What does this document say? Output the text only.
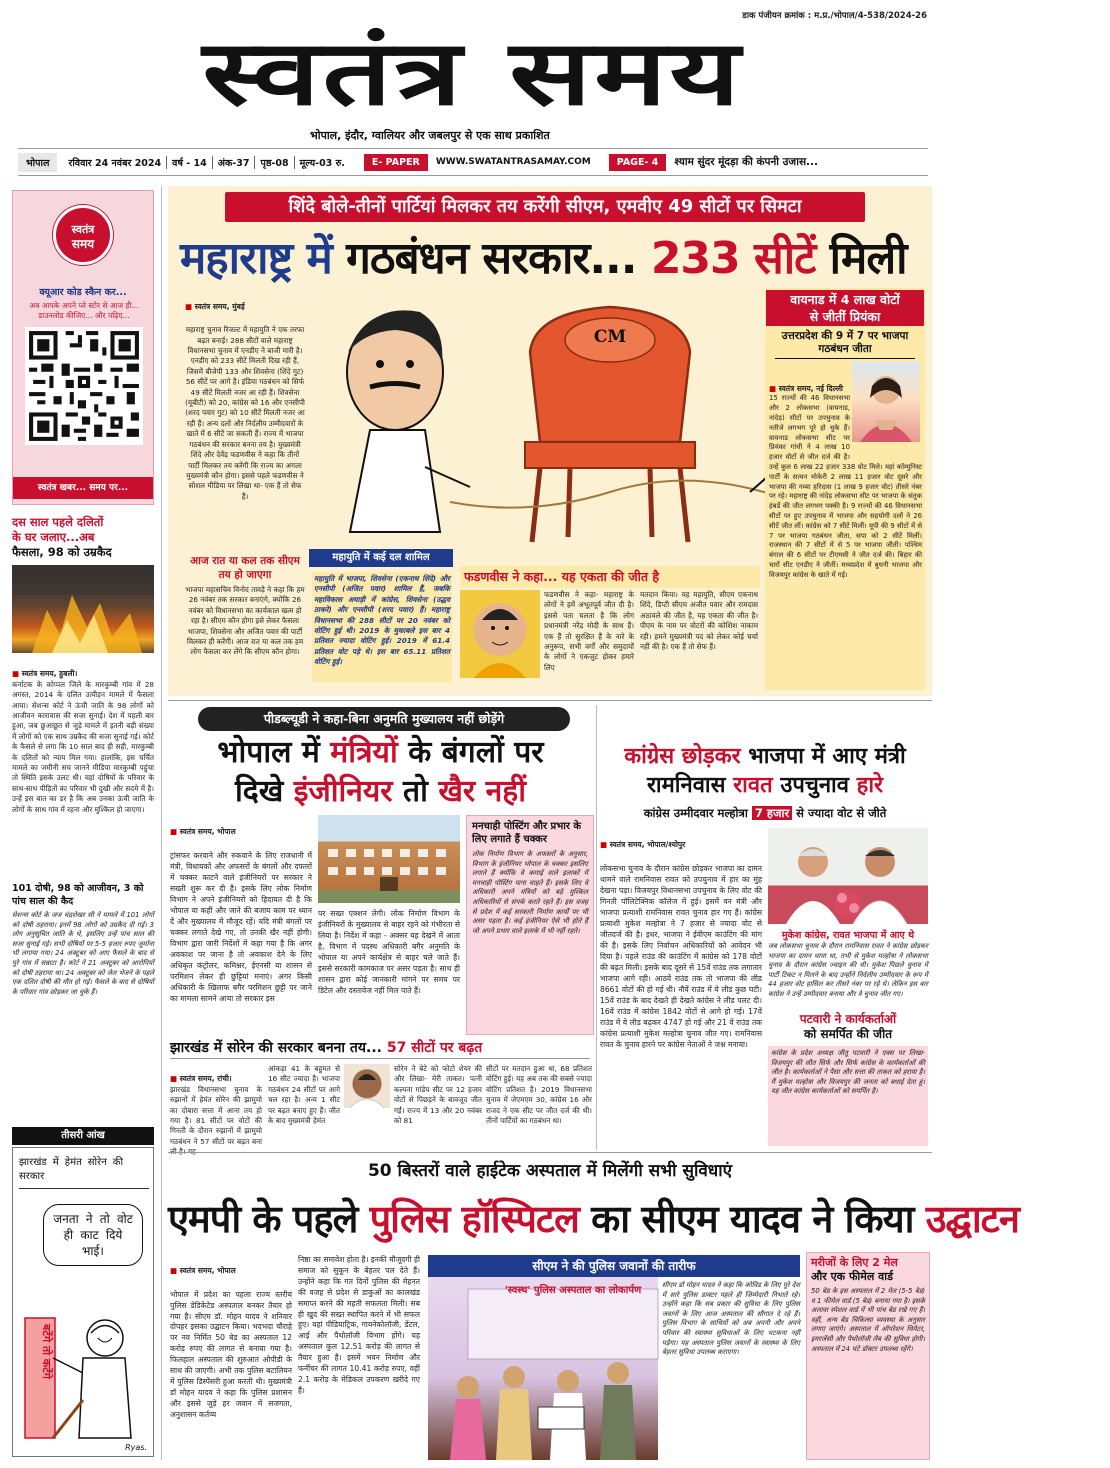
डाक पंजीयन क्रमांक : म.प्र./भोपाल/4-538/2024-26
स्वतंत्र समय
भोपाल, इंदौर, ग्वालियर और जबलपुर से एक साथ प्रकाशित
भोपाल	रविवार 24 नवंबर 2024	वर्ष - 14	अंक-37	पृष्ठ-08	मूल्य-03 रु.	E- PAPER	WWW.SWATANTRASAMAY.COM	PAGE- 4	श्याम सुंदर मूंदड़ा की कंपनी उजास...
स्वतंत्र
समय
क्यूआर कोड स्कैन कर...
अब आपके अपने प्ले स्टोर से आज ही...
डाउनलोड कीजिए... और पढ़िए...
स्वतंत्र खबर... समय पर...
दस साल पहले दलितों
के घर जलाए...अब
फैसला, 98 को उम्रकैद

■ स्वतंत्र समय, हुबली।
कर्नाटक के कोप्पल जिले के मारकुम्बी गांव में 28 अगस्त, 2014 के दलित उत्पीड़न मामले में फैसला आया। सेशन्स कोर्ट ने ऊंची जाति के 98 लोगों को आजीवन कारावास की सजा सुनाई। देश में पहली बार हुआ, जब छुआछूत से जुड़े मामले में इतनी बड़ी संख्या में लोगों को एक साथ उम्रकैद की सजा सुनाई गई। कोर्ट के फैसले से लगा कि 10 साल बाद ही सही, मारकुम्बी के दलितों को न्याय मिल गया। हालांकि, इस चर्चित मामले का जमीनी सच जानने मीडिया मारकुम्बी पहुंचा तो स्थिति इसके उलट थी। यहां दोषियों के परिवार के साथ-साथ पीड़ितों का परिवार भी दुखी और सदमे में है। उन्हें इस बात का डर है कि अब उनका ऊंची जाति के लोगों के साथ गांव में रहना और मुश्किल हो जाएगा।

101 दोषी, 98 को आजीवन, 3 को पांच साल की कैद
सेशन्स कोर्ट के जज चंद्रशेखर सी ने मामले में 101 लोगों को दोषी ठहराया। इनमें 98 लोगों को उम्रकैद दी गई। 3 लोग अनुसूचित जाति के थे, इसलिए उन्हें पांच साल की सजा सुनाई गई। सभी दोषियों पर 5-5 हजार रुपए जुर्माना भी लगाया गया। 24 अक्टूबर को आए फैसले के बाद से पूरे गांव में सन्नाटा है। कोर्ट ने 21 अक्टूबर को आरोपियों को दोषी ठहराया था। 24 अक्टूबर को जेल भेजने के पहले एक दलित दोषी की मौत हो गई। फैसले के बाद से दोषियों के परिवार गांव छोड़कर जा चुके हैं।
तीसरी आंख
झारखंड में हेमंत सोरेन की सरकार
जनता ने तो वोट ही काट दिये भाई।
बटेंगे तो कटेंगे
Ryas.
शिंदे बोले-तीनों पार्टियां मिलकर तय करेंगी सीएम, एमवीए 49 सीटों पर सिमटा
महाराष्ट्र में गठबंधन सरकार... 233 सीटें मिली

■ स्वतंत्र समय, मुंबई

महाराष्ट्र चुनाव रिजल्ट में महायुति ने एक तरफा बढ़त बनाई। 288 सीटों वाले महाराष्ट्र विधानसभा चुनाव में एनडीए ने बाजी मारी है। एनडीए को 233 सीटें मिलती दिख रही हैं, जिसमें बीजेपी 133 और शिवसेना (शिंदे गुट) 56 सीटें पर आगे है। इंडिया गठबंधन को सिर्फ 49 सीटें मिलती नजर आ रही हैं। शिवसेना (यूबीटी) को 20, कांग्रेस को 16 और एनसीपी (शरद पवार गुट) को 10 सीटें मिलती नजर आ रही हैं। अन्य दलों और निर्दलीय उम्मीदवारों के खाते में 6 सीटें जा सकती हैं। राज्य में भाजपा गठबंधन की सरकार बनना तय है। मुख्यमंत्री शिंदे और देवेंद्र फडणवीस ने कहा कि तीनों पार्टी मिलकर तय करेंगी कि राज्य का अगला मुख्यमंत्री कौन होगा। इससे पहले फडणवीस ने सोशल मीडिया पर लिखा था- एक हैं तो सेफ हैं।

आज रात या कल तक सीएम तय हो जाएगा
भाजपा महासचिव विनोद तावड़े ने कहा कि हम 26 नवंबर तक सरकार बनाएंगे, क्योंकि 26 नवंबर को विधानसभा का कार्यकाल खत्म हो रहा है। सीएम कौन होगा इसे लेकर फैसला भाजपा, शिवसेना और अजित पवार की पार्टी मिलकर ही करेंगी। आज रात या कल तक हम लोग फैसला कर लेंगे कि सीएम कौन होगा।
CM
महायुति में कई दल शामिल
महायुति में भाजपा, शिवसेना (एकनाथ शिंदे) और एनसीपी (अजित पवार) शामिल हैं, जबकि महाविकास अघाड़ी में कांग्रेस, शिवसेना (उद्धव ठाकरे) और एनसीपी (शरद पवार) हैं। महाराष्ट्र विधानसभा की 288 सीटों पर 20 नवंबर को वोटिंग हुई थी। 2019 के मुकाबले इस बार 4 प्रतिशत ज्यादा वोटिंग हुई। 2019 में 61.4 प्रतिशत वोट पड़े थे। इस बार 65.11 प्रतिशत वोटिंग हुई।
फडणवीस ने कहा... यह एकता की जीत है
फडणवीस ने कहा- महाराष्ट्र के लोगों ने हमें अभूतपूर्व जीत दी है। इससे पता चलता है कि लोग प्रधानमंत्री नरेंद्र मोदी के साथ हैं। एक हैं तो सुरक्षित हैं के नारे के अनुरूप, सभी वर्गों और समुदायों के लोगों ने एकजुट होकर हमारे लिए
मतदान किया। यह महायुति, सीएम एकनाथ शिंदे, डिप्टी सीएम अजीत पवार और रामदास अठावले की जीत है, यह एकता की जीत है। पीएम के नाम पर वोटरों की कोशिश नाकाम रही। हमने मुख्यमंत्री पद को लेकर कोई चर्चा नहीं की है। एक हैं तो सेफ हैं।
वायनाड में 4 लाख वोटों
से जीतीं प्रियंका
उत्तरप्रदेश की 9 में 7 पर भाजपा गठबंधन जीता

■ स्वतंत्र समय, नई दिल्ली
15 राज्यों की 46 विधानसभा और 2 लोकसभा (वायनाड, नांदेड़) सीटों पर उपचुनाव के नतीजे लगभग पूरे हो चुके हैं। वायनाड लोकसभा सीट पर प्रियंका गांधी ने 4 लाख 10 हजार वोटों से जीत दर्ज की है। उन्हें कुल 6 लाख 22 हजार 338 वोट मिले। यहां कॉम्युनिस्ट पार्टी के सत्यन मोकेरी 2 लाख 11 हजार वोट दूसरे और भाजपा की नव्या हरिदास (1 लाख 9 हजार वोट) तीसरे नंबर पर रहे। महाराष्ट्र की नांदेड़ लोकसभा सीट पर भाजपा के संतुक हंबर्डे की जीत लगभग पक्की है। 9 राज्यों की 46 विधानसभा सीटों पर हुए उपचुनाव में भाजपा और सहयोगी दलों ने 26 सीटें जीत लीं। कांग्रेस को 7 सीटें मिलीं। यूपी की 9 सीटों में से 7 पर भाजपा गठबंधन जीता, सपा को 2 सीटें मिलीं। राजस्थान की 7 सीटों में से 5 पर भाजपा जीती। पश्चिम बंगाल की 6 सीटों पर टीएमसी ने जीत दर्ज की। बिहार की चारों सीट एनडीए ने जीतीं। मध्यप्रदेश में बुधनी भाजपा और विजयपुर कांग्रेस के खाते में गई।

पीडब्ल्यूडी ने कहा-बिना अनुमति मुख्यालय नहीं छोड़ेंगे
भोपाल में मंत्रियों के बंगलों पर
दिखे इंजीनियर तो खैर नहीं

■ स्वतंत्र समय, भोपाल

ट्रांसफर करवाने और रुकवाने के लिए राजधानी में मंत्री, विधायकों और अफसरों के बंगलों और दफ्तरों में चक्कर काटने वाले इंजीनियरों पर सरकार ने सख्ती शुरू कर दी है। इसके लिए लोक निर्माण विभाग ने अपने इंजीनियरों को हिदायत दी है कि भोपाल या कहीं और जाने की बजाय काम पर ध्यान दें और मुख्यालय में मौजूद रहें। यदि मंत्री बंगलों पर चक्कर लगाते देखे गए, तो उनकी खैर नहीं होगी। विभाग द्वारा जारी निर्देशों में कहा गया है कि अगर अवकाश पर जाना है तो अवकाश देने के लिए अधिकृत कंट्रोलर, कमिश्नर, ईएनसी या शासन से परमिशन लेकर ही छुट्टियां मनाएं। अगर किसी अधिकारी के खिलाफ बगैर परमिशन छुट्टी पर जाने का मामला सामने आया तो सरकार इस

पर सख्त एक्शन लेगी। लोक निर्माण विभाग के इंजीनियरों के मुख्यालय से बाहर रहने को गंभीरता से लिया है। निर्देश में कहा - अक्सर यह देखने में आता है, विभाग में पदस्थ अधिकारी बगैर अनुमति के भोपाल या अपने कार्यक्षेत्र से बाहर चले जाते हैं। इससे सरकारी कामकाज पर असर पड़ता है। साथ ही शासन द्वारा कोई जानकारी मांगने पर समय पर डिटेल और दस्तावेज नहीं मिल पाते हैं।
मनचाही पोस्टिंग और प्रभार के लिए लगाते हैं चक्कर
लोक निर्माण विभाग के अफसरों के अनुसार, विभाग के इंजीनियर भोपाल के चक्कर इसलिए लगाते हैं क्योंकि वे कमाई वाले इलाकों में मनचाही पोस्टिंग पाना चाहते हैं। इसके लिए वे अधिकारी अपने मंत्रियों को बड़े मुश्किल अधिकारियों से संपर्क करते रहते हैं। इस वजह से प्रदेश में कई सरकारी निर्माण कार्यों पर भी असर पड़ता है। कई इंजीनियर ऐसे भी होते हैं जो अपने प्रभार वाले इलाके में भी नहीं रहते।
कांग्रेस छोड़कर भाजपा में आए मंत्री
रामनिवास रावत उपचुनाव हारे
कांग्रेस उम्मीदवार मल्होत्रा 7 हजार से ज्यादा वोट से जीते

■ स्वतंत्र समय, भोपाल/श्योपुर

लोकसभा चुनाव के दौरान कांग्रेस छोड़कर भाजपा का दामन थामने वाले रामनिवास रावत को उपचुनाव में हार का मुंह देखना पड़ा। विजयपुर विधानसभा उपचुनाव के लिए वोट की गिनती पॉलिटेक्निक कॉलेज में हुई। इसमें वन मंत्री और भाजपा प्रत्याशी रामनिवास रावत चुनाव हार गए हैं। कांग्रेस प्रत्याशी मुकेश मल्होत्रा ने 7 हजार से ज्यादा वोट से जीतदर्ज की है। इधर, भाजपा ने ईवीएम काउंटिंग की मांग की है। इसके लिए निर्वाचन अधिकारियों को आवेदन भी दिया है। पहले राउंड की काउंटिंग में कांग्रेस को 178 वोटों की बढ़त मिली। इसके बाद दूसरे से 15वें राउंड तक लगातार भाजपा आगे रही। आठवें राउंड तक तो भाजपा की लीड 8661 वोटों की हो गई थी। नौवें राउंड में ये लीड कुछ घटी। 15वें राउंड के बाद देखते ही देखते कांग्रेस ने लीड पलट दी। 16वें राउंड में कांग्रेस 1842 वोटों से आगे हो गई। 17वें राउंड में ये लीड बढ़कर 4747 हो गई और 21 वें राउंड तक कांग्रेस प्रत्याशी मुकेश मल्होत्रा चुनाव जीत गए। रामनिवास रावत के चुनाव हारने पर कांग्रेस नेताओं ने जश्न मनाया।

मुकेश कांग्रेस, रावत भाजपा में आए थे
जब लोकसभा चुनाव के दौरान रामनिवास रावत ने कांग्रेस छोड़कर भाजपा का दामन थामा था, तभी से मुकेश मल्होत्रा ने लोकसभा चुनाव के दौरान कांग्रेस ज्वाइन की थी। मुकेश पिछले चुनाव में पार्टी टिकट न मिलने के बाद उन्होंने निर्दलीय उम्मीदवार के रूप में 44 हजार वोट हासिल कर तीसरे नंबर पर रहे थे। लेकिन इस बार कांग्रेस ने उन्हें उम्मीदवार बनाया और वे चुनाव जीत गए।
पटवारी ने कार्यकर्ताओं
को समर्पित की जीत
कांग्रेस के प्रदेश अध्यक्ष जीतू पटवारी ने एक्स पर लिखा- विजयपुर की जीत सिर्फ और सिर्फ कांग्रेस के कार्यकर्ताओं की जीत है। कार्यकर्ताओं ने पैसा और सत्ता की ताकत को हराया है। मैं मुकेश मल्होत्रा और विजयपुर की जनता को बधाई देता हूं। यह जीत कांग्रेस कार्यकर्ताओं को समर्पित है।
झारखंड में सोरेन की सरकार बनना तय... 57 सीटों पर बढ़त

■ स्वतंत्र समय, रांची।
झारखंड विधानसभा चुनाव के रुझानों में हेमंत सोरेन की झामुमो का दोबारा सत्ता में आना तय हो गया है। 81 सीटों पर वोटों की गिनती के दौरान रुझानों में झामुमो गठबंधन ने 57 सीटों पर बढ़त बना

आंकड़ा 41 के बहुमत से 16 सीट ज्यादा है। भाजपा गठबंधन 24 सीटों पर आगे चल रहा है। अन्य 1 सीट पर बढ़त बनाए हुए हैं। जीत के बाद मुख्यमंत्री हेमंत
सोरेन ने बेटे को फोटो शेयर की और लिखा- मेरी ताकत। पत्नी कल्पना गांडेय सीट पर 12 हजार वोटों से पिछड़ने के बावजूद जीत गईं। राज्य में 13 और 20 नवंबर को 81
सीटों पर मतदान हुआ था, 68 प्रतिशत वोटिंग हुई। यह अब तक की सबसे ज्यादा वोटिंग प्रतिशत है। 2019 विधानसभा चुनाव में जेएमएम 30, कांग्रेस 16 और राजद ने एक सीट पर जीत दर्ज की थी। तीनों पार्टियों का गठबंधन था।
50 बिस्तरों वाले हाईटेक अस्पताल में मिलेंगी सभी सुविधाएं
एमपी के पहले पुलिस हॉस्पिटल का सीएम यादव ने किया उद्घाटन

■ स्वतंत्र समय, भोपाल

भोपाल में प्रदेश का पहला राज्य स्तरीय पुलिस डेडिकेटेड अस्पताल बनकर तैयार हो गया है। सीएम डॉ. मोहन यादव ने शनिवार दोपहर इसका उद्घाटन किया। भदभदा चौराहे पर नव निर्मित 50 बेड का अस्पताल 12 करोड़ रुपए की लागत से बनाया गया है। फिलहाल अस्पताल की शुरुआत ओपीडी के साथ की जाएगी। अभी तक पुलिस बटालियन में पुलिस डिस्पेंसरी हुआ करती थी। मुख्यमंत्री डॉ मोहन यादव ने कहा कि पुलिस प्रशासन और इससे जुड़े हर जवान में सजगता, अनुशासन कर्तव्य

निष्ठा का समावेश होता है। इनकी मौजूदगी ही समाज को सुकून के बेहतर पल देते हैं। उन्होंने कहा कि गत दिनों पुलिस की मेहनत की वजह से प्रदेश से डाकुओं का कालखंड समाप्त करने की महती सफलता मिली। सब ही खुद की सख्त स्थापित करने में भी सफल हुए। यहां पीडियाट्रिक, गायनेकोलॉजी, डेंटल, आई और पैथोलॉजी विभाग होंगे। यह अस्पताल कुल 12.51 करोड़ की लागत से तैयार हुआ है। इसमें भवन निर्माण और फर्नीचर की लागत 10.41 करोड़ रुपए, वहीं 2.1 करोड़ के मेडिकल उपकरण खरीदे गए हैं।
सीएम ने की पुलिस जवानों की तारीफ
'स्वस्थ' पुलिस अस्पताल का लोकार्पण	सीएम डॉ मोहन यादव ने कहा कि कोविड के लिए पूरे देश में सारे पुलिस डाक्टर पहले ही जिम्मेदारी निभाते रहे। उन्होंने कहा कि सब प्रकार की सुविधा के लिए पुलिस जवानों के लिए आज अस्पताल की सौगात दे रहे हैं। पुलिस विभाग के साथियों को अब अपनी और अपने परिवार की स्वास्थ्य सुविधाओं के लिए भटकना नहीं पड़ेगा। यह अस्पताल पुलिस जवानों के स्वास्थ्य के लिए बेहतर सुविधा उपलब्ध कराएगा।
मरीजों के लिए 2 मेल
और एक फीमेल वार्ड
50 बेड के इस अस्पताल में 2 मेल (5-5 बेड) व 1 फीमेल वार्ड (5 बेड) बनाया गया है। इसके अलावा स्पेशल वार्ड में भी पांच बेड रखे गए हैं। वहीं, अन्य बेड चिकित्सा व्यवस्था के अनुसार लगाए जाएंगे। अस्पताल में ऑपरेशन थियेटर, इमरजेंसी और पैथोलॉजी लैब की सुविधा होगी। अस्पताल में 24 घंटे डॉक्टर उपलब्ध रहेंगे।
